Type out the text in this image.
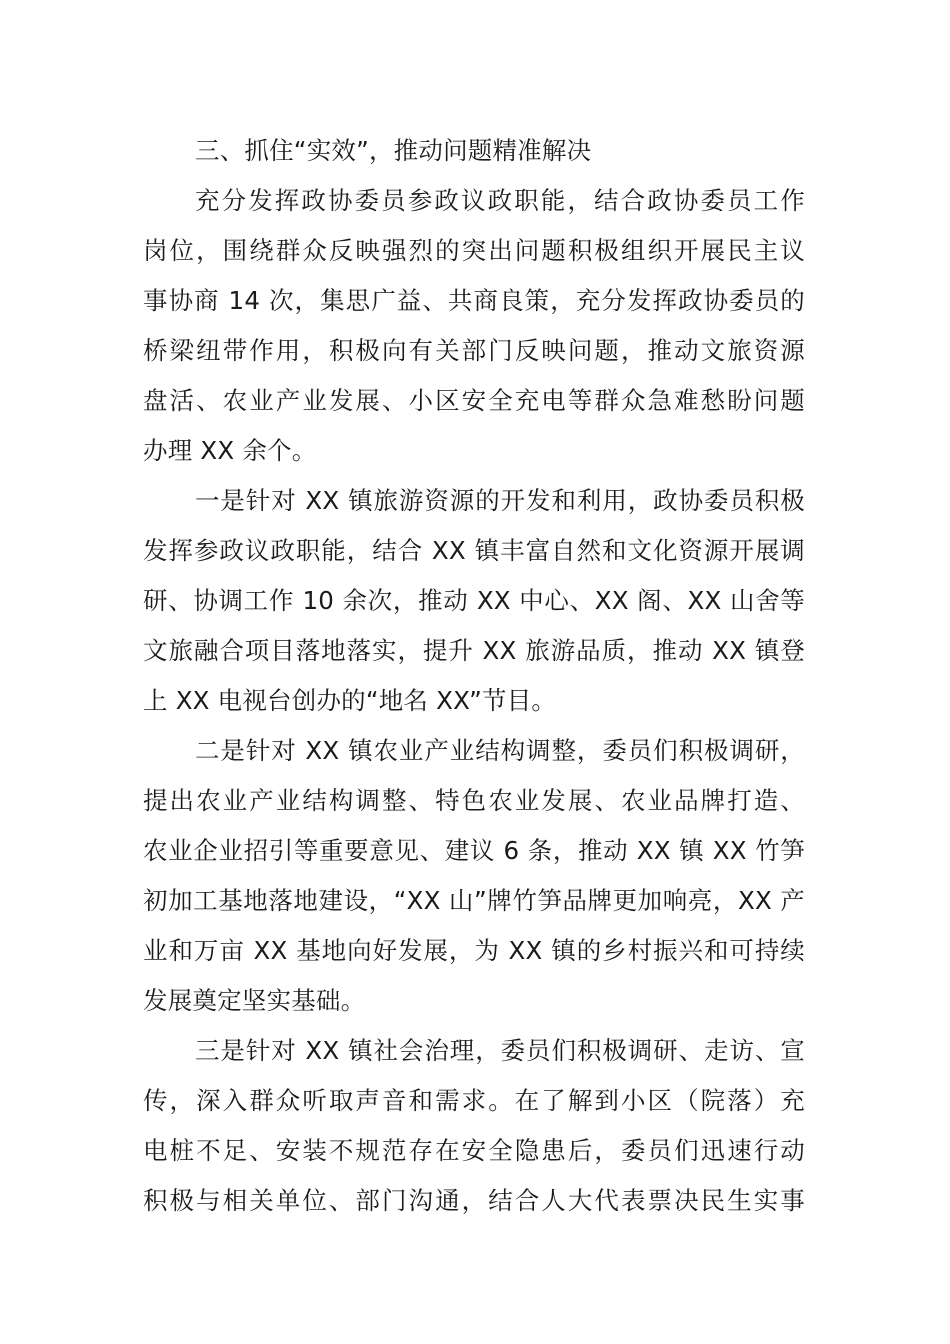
三、抓住“实效”，推动问题精准解决
充分发挥政协委员参政议政职能，结合政协委员工作
岗位，围绕群众反映强烈的突出问题积极组织开展民主议
事协商 14 次，集思广益、共商良策，充分发挥政协委员的
桥梁纽带作用，积极向有关部门反映问题，推动文旅资源
盘活、农业产业发展、小区安全充电等群众急难愁盼问题
办理 XX 余个。
一是针对 XX 镇旅游资源的开发和利用，政协委员积极
发挥参政议政职能，结合 XX 镇丰富自然和文化资源开展调
研、协调工作 10 余次，推动 XX 中心、XX 阁、XX 山舍等
文旅融合项目落地落实，提升 XX 旅游品质，推动 XX 镇登
上 XX 电视台创办的“地名 XX”节目。
二是针对 XX 镇农业产业结构调整，委员们积极调研，
提出农业产业结构调整、特色农业发展、农业品牌打造、
农业企业招引等重要意见、建议 6 条，推动 XX 镇 XX 竹笋
初加工基地落地建设，“XX 山”牌竹笋品牌更加响亮，XX 产
业和万亩 XX 基地向好发展，为 XX 镇的乡村振兴和可持续
发展奠定坚实基础。
三是针对 XX 镇社会治理，委员们积极调研、走访、宣
传，深入群众听取声音和需求。在了解到小区（院落）充
电桩不足、安装不规范存在安全隐患后，委员们迅速行动
积极与相关单位、部门沟通，结合人大代表票决民生实事
